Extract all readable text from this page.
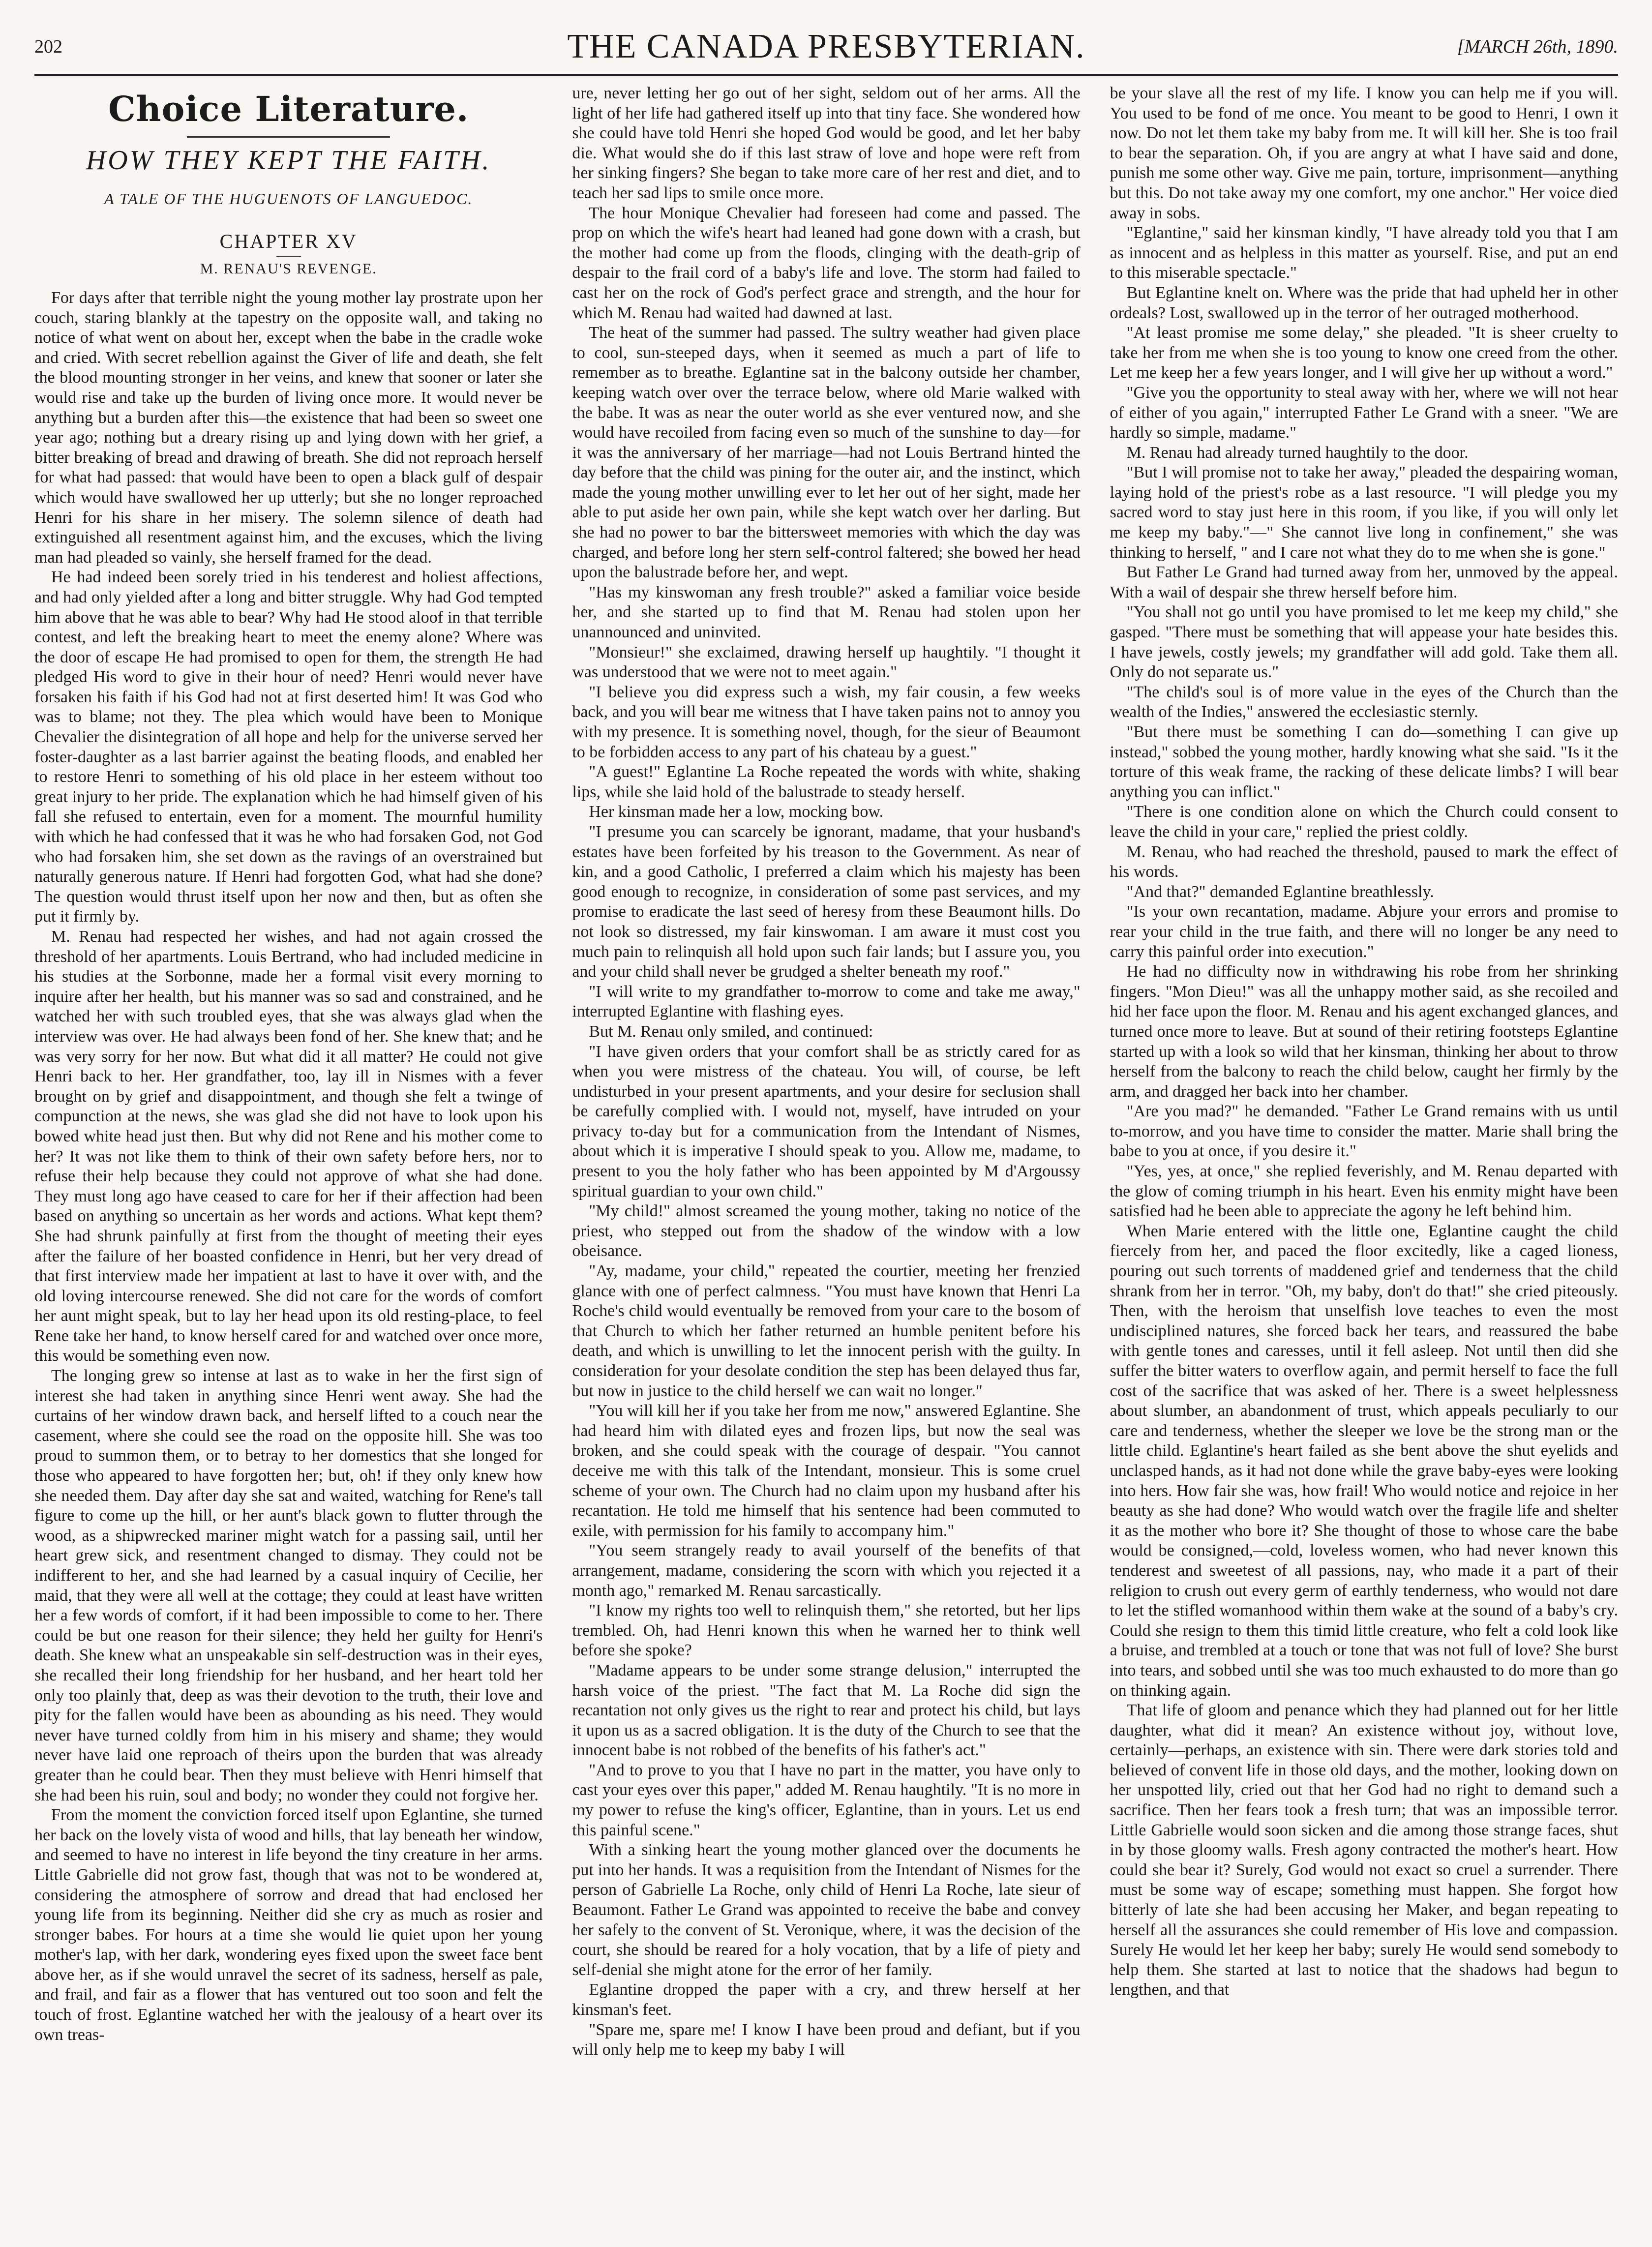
202	THE CANADA PRESBYTERIAN.	[MARCH 26th, 1890.
Choice Literature.
HOW THEY KEPT THE FAITH.
A TALE OF THE HUGUENOTS OF LANGUEDOC.
CHAPTER XV
M. RENAU'S REVENGE.

For days after that terrible night the young mother lay prostrate upon her couch, staring blankly at the tapestry on the opposite wall, and taking no notice of what went on about her, except when the babe in the cradle woke and cried. With secret rebellion against the Giver of life and death, she felt the blood mounting stronger in her veins, and knew that sooner or later she would rise and take up the burden of living once more. It would never be anything but a burden after this—the existence that had been so sweet one year ago; nothing but a dreary rising up and lying down with her grief, a bitter breaking of bread and drawing of breath. She did not reproach herself for what had passed: that would have been to open a black gulf of despair which would have swallowed her up utterly; but she no longer reproached Henri for his share in her misery. The solemn silence of death had extinguished all resentment against him, and the excuses, which the living man had pleaded so vainly, she herself framed for the dead.

He had indeed been sorely tried in his tenderest and holiest affections, and had only yielded after a long and bitter struggle. Why had God tempted him above that he was able to bear? Why had He stood aloof in that terrible contest, and left the breaking heart to meet the enemy alone? Where was the door of escape He had promised to open for them, the strength He had pledged His word to give in their hour of need? Henri would never have forsaken his faith if his God had not at first deserted him! It was God who was to blame; not they. The plea which would have been to Monique Chevalier the disintegration of all hope and help for the universe served her foster-daughter as a last barrier against the beating floods, and enabled her to restore Henri to something of his old place in her esteem without too great injury to her pride. The explanation which he had himself given of his fall she refused to entertain, even for a moment. The mournful humility with which he had confessed that it was he who had forsaken God, not God who had forsaken him, she set down as the ravings of an overstrained but naturally generous nature. If Henri had forgotten God, what had she done? The question would thrust itself upon her now and then, but as often she put it firmly by.

M. Renau had respected her wishes, and had not again crossed the threshold of her apartments. Louis Bertrand, who had included medicine in his studies at the Sorbonne, made her a formal visit every morning to inquire after her health, but his manner was so sad and constrained, and he watched her with such troubled eyes, that she was always glad when the interview was over. He had always been fond of her. She knew that; and he was very sorry for her now. But what did it all matter? He could not give Henri back to her. Her grandfather, too, lay ill in Nismes with a fever brought on by grief and disappointment, and though she felt a twinge of compunction at the news, she was glad she did not have to look upon his bowed white head just then. But why did not Rene and his mother come to her? It was not like them to think of their own safety before hers, nor to refuse their help because they could not approve of what she had done. They must long ago have ceased to care for her if their affection had been based on anything so uncertain as her words and actions. What kept them? She had shrunk painfully at first from the thought of meeting their eyes after the failure of her boasted confidence in Henri, but her very dread of that first interview made her impatient at last to have it over with, and the old loving intercourse renewed. She did not care for the words of comfort her aunt might speak, but to lay her head upon its old resting-place, to feel Rene take her hand, to know herself cared for and watched over once more, this would be something even now.

The longing grew so intense at last as to wake in her the first sign of interest she had taken in anything since Henri went away. She had the curtains of her window drawn back, and herself lifted to a couch near the casement, where she could see the road on the opposite hill. She was too proud to summon them, or to betray to her domestics that she longed for those who appeared to have forgotten her; but, oh! if they only knew how she needed them. Day after day she sat and waited, watching for Rene's tall figure to come up the hill, or her aunt's black gown to flutter through the wood, as a shipwrecked mariner might watch for a passing sail, until her heart grew sick, and resentment changed to dismay. They could not be indifferent to her, and she had learned by a casual inquiry of Cecilie, her maid, that they were all well at the cottage; they could at least have written her a few words of comfort, if it had been impossible to come to her. There could be but one reason for their silence; they held her guilty for Henri's death. She knew what an unspeakable sin self-destruction was in their eyes, she recalled their long friendship for her husband, and her heart told her only too plainly that, deep as was their devotion to the truth, their love and pity for the fallen would have been as abounding as his need. They would never have turned coldly from him in his misery and shame; they would never have laid one reproach of theirs upon the burden that was already greater than he could bear. Then they must believe with Henri himself that she had been his ruin, soul and body; no wonder they could not forgive her.

From the moment the conviction forced itself upon Eglantine, she turned her back on the lovely vista of wood and hills, that lay beneath her window, and seemed to have no interest in life beyond the tiny creature in her arms. Little Gabrielle did not grow fast, though that was not to be wondered at, considering the atmosphere of sorrow and dread that had enclosed her young life from its beginning. Neither did she cry as much as rosier and stronger babes. For hours at a time she would lie quiet upon her young mother's lap, with her dark, wondering eyes fixed upon the sweet face bent above her, as if she would unravel the secret of its sadness, herself as pale, and frail, and fair as a flower that has ventured out too soon and felt the touch of frost. Eglantine watched her with the jealousy of a heart over its own treas-

ure, never letting her go out of her sight, seldom out of her arms. All the light of her life had gathered itself up into that tiny face. She wondered how she could have told Henri she hoped God would be good, and let her baby die. What would she do if this last straw of love and hope were reft from her sinking fingers? She began to take more care of her rest and diet, and to teach her sad lips to smile once more.

The hour Monique Chevalier had foreseen had come and passed. The prop on which the wife's heart had leaned had gone down with a crash, but the mother had come up from the floods, clinging with the death-grip of despair to the frail cord of a baby's life and love. The storm had failed to cast her on the rock of God's perfect grace and strength, and the hour for which M. Renau had waited had dawned at last.

The heat of the summer had passed. The sultry weather had given place to cool, sun-steeped days, when it seemed as much a part of life to remember as to breathe. Eglantine sat in the balcony outside her chamber, keeping watch over over the terrace below, where old Marie walked with the babe. It was as near the outer world as she ever ventured now, and she would have recoiled from facing even so much of the sunshine to day—for it was the anniversary of her marriage—had not Louis Bertrand hinted the day before that the child was pining for the outer air, and the instinct, which made the young mother unwilling ever to let her out of her sight, made her able to put aside her own pain, while she kept watch over her darling. But she had no power to bar the bittersweet memories with which the day was charged, and before long her stern self-control faltered; she bowed her head upon the balustrade before her, and wept.

"Has my kinswoman any fresh trouble?" asked a familiar voice beside her, and she started up to find that M. Renau had stolen upon her unannounced and uninvited.

"Monsieur!" she exclaimed, drawing herself up haughtily. "I thought it was understood that we were not to meet again."

"I believe you did express such a wish, my fair cousin, a few weeks back, and you will bear me witness that I have taken pains not to annoy you with my presence. It is something novel, though, for the sieur of Beaumont to be forbidden access to any part of his chateau by a guest."

"A guest!" Eglantine La Roche repeated the words with white, shaking lips, while she laid hold of the balustrade to steady herself.

Her kinsman made her a low, mocking bow.

"I presume you can scarcely be ignorant, madame, that your husband's estates have been forfeited by his treason to the Government. As near of kin, and a good Catholic, I preferred a claim which his majesty has been good enough to recognize, in consideration of some past services, and my promise to eradicate the last seed of heresy from these Beaumont hills. Do not look so distressed, my fair kinswoman. I am aware it must cost you much pain to relinquish all hold upon such fair lands; but I assure you, you and your child shall never be grudged a shelter beneath my roof."

"I will write to my grandfather to-morrow to come and take me away," interrupted Eglantine with flashing eyes.

But M. Renau only smiled, and continued:

"I have given orders that your comfort shall be as strictly cared for as when you were mistress of the chateau. You will, of course, be left undisturbed in your present apartments, and your desire for seclusion shall be carefully complied with. I would not, myself, have intruded on your privacy to-day but for a communication from the Intendant of Nismes, about which it is imperative I should speak to you. Allow me, madame, to present to you the holy father who has been appointed by M d'Argoussy spiritual guardian to your own child."

"My child!" almost screamed the young mother, taking no notice of the priest, who stepped out from the shadow of the window with a low obeisance.

"Ay, madame, your child," repeated the courtier, meeting her frenzied glance with one of perfect calmness. "You must have known that Henri La Roche's child would eventually be removed from your care to the bosom of that Church to which her father returned an humble penitent before his death, and which is unwilling to let the innocent perish with the guilty. In consideration for your desolate condition the step has been delayed thus far, but now in justice to the child herself we can wait no longer."

"You will kill her if you take her from me now," answered Eglantine. She had heard him with dilated eyes and frozen lips, but now the seal was broken, and she could speak with the courage of despair. "You cannot deceive me with this talk of the Intendant, monsieur. This is some cruel scheme of your own. The Church had no claim upon my husband after his recantation. He told me himself that his sentence had been commuted to exile, with permission for his family to accompany him."

"You seem strangely ready to avail yourself of the benefits of that arrangement, madame, considering the scorn with which you rejected it a month ago," remarked M. Renau sarcastically.

"I know my rights too well to relinquish them," she retorted, but her lips trembled. Oh, had Henri known this when he warned her to think well before she spoke?

"Madame appears to be under some strange delusion," interrupted the harsh voice of the priest. "The fact that M. La Roche did sign the recantation not only gives us the right to rear and protect his child, but lays it upon us as a sacred obligation. It is the duty of the Church to see that the innocent babe is not robbed of the benefits of his father's act."

"And to prove to you that I have no part in the matter, you have only to cast your eyes over this paper," added M. Renau haughtily. "It is no more in my power to refuse the king's officer, Eglantine, than in yours. Let us end this painful scene."

With a sinking heart the young mother glanced over the documents he put into her hands. It was a requisition from the Intendant of Nismes for the person of Gabrielle La Roche, only child of Henri La Roche, late sieur of Beaumont. Father Le Grand was appointed to receive the babe and convey her safely to the convent of St. Veronique, where, it was the decision of the court, she should be reared for a holy vocation, that by a life of piety and self-denial she might atone for the error of her family.

Eglantine dropped the paper with a cry, and threw herself at her kinsman's feet.

"Spare me, spare me! I know I have been proud and defiant, but if you will only help me to keep my baby I will

be your slave all the rest of my life. I know you can help me if you will. You used to be fond of me once. You meant to be good to Henri, I own it now. Do not let them take my baby from me. It will kill her. She is too frail to bear the separation. Oh, if you are angry at what I have said and done, punish me some other way. Give me pain, torture, imprisonment—anything but this. Do not take away my one comfort, my one anchor." Her voice died away in sobs.

"Eglantine," said her kinsman kindly, "I have already told you that I am as innocent and as helpless in this matter as yourself. Rise, and put an end to this miserable spectacle."

But Eglantine knelt on. Where was the pride that had upheld her in other ordeals? Lost, swallowed up in the terror of her outraged motherhood.

"At least promise me some delay," she pleaded. "It is sheer cruelty to take her from me when she is too young to know one creed from the other. Let me keep her a few years longer, and I will give her up without a word."

"Give you the opportunity to steal away with her, where we will not hear of either of you again," interrupted Father Le Grand with a sneer. "We are hardly so simple, madame."

M. Renau had already turned haughtily to the door.

"But I will promise not to take her away," pleaded the despairing woman, laying hold of the priest's robe as a last resource. "I will pledge you my sacred word to stay just here in this room, if you like, if you will only let me keep my baby."—" She cannot live long in confinement," she was thinking to herself, " and I care not what they do to me when she is gone."

But Father Le Grand had turned away from her, unmoved by the appeal. With a wail of despair she threw herself before him.

"You shall not go until you have promised to let me keep my child," she gasped. "There must be something that will appease your hate besides this. I have jewels, costly jewels; my grandfather will add gold. Take them all. Only do not separate us."

"The child's soul is of more value in the eyes of the Church than the wealth of the Indies," answered the ecclesiastic sternly.

"But there must be something I can do—something I can give up instead," sobbed the young mother, hardly knowing what she said. "Is it the torture of this weak frame, the racking of these delicate limbs? I will bear anything you can inflict."

"There is one condition alone on which the Church could consent to leave the child in your care," replied the priest coldly.

M. Renau, who had reached the threshold, paused to mark the effect of his words.

"And that?" demanded Eglantine breathlessly.

"Is your own recantation, madame. Abjure your errors and promise to rear your child in the true faith, and there will no longer be any need to carry this painful order into execution."

He had no difficulty now in withdrawing his robe from her shrinking fingers. "Mon Dieu!" was all the unhappy mother said, as she recoiled and hid her face upon the floor. M. Renau and his agent exchanged glances, and turned once more to leave. But at sound of their retiring footsteps Eglantine started up with a look so wild that her kinsman, thinking her about to throw herself from the balcony to reach the child below, caught her firmly by the arm, and dragged her back into her chamber.

"Are you mad?" he demanded. "Father Le Grand remains with us until to-morrow, and you have time to consider the matter. Marie shall bring the babe to you at once, if you desire it."

"Yes, yes, at once," she replied feverishly, and M. Renau departed with the glow of coming triumph in his heart. Even his enmity might have been satisfied had he been able to appreciate the agony he left behind him.

When Marie entered with the little one, Eglantine caught the child fiercely from her, and paced the floor excitedly, like a caged lioness, pouring out such torrents of maddened grief and tenderness that the child shrank from her in terror. "Oh, my baby, don't do that!" she cried piteously. Then, with the heroism that unselfish love teaches to even the most undisciplined natures, she forced back her tears, and reassured the babe with gentle tones and caresses, until it fell asleep. Not until then did she suffer the bitter waters to overflow again, and permit herself to face the full cost of the sacrifice that was asked of her. There is a sweet helplessness about slumber, an abandonment of trust, which appeals peculiarly to our care and tenderness, whether the sleeper we love be the strong man or the little child. Eglantine's heart failed as she bent above the shut eyelids and unclasped hands, as it had not done while the grave baby-eyes were looking into hers. How fair she was, how frail! Who would notice and rejoice in her beauty as she had done? Who would watch over the fragile life and shelter it as the mother who bore it? She thought of those to whose care the babe would be consigned,—cold, loveless women, who had never known this tenderest and sweetest of all passions, nay, who made it a part of their religion to crush out every germ of earthly tenderness, who would not dare to let the stifled womanhood within them wake at the sound of a baby's cry. Could she resign to them this timid little creature, who felt a cold look like a bruise, and trembled at a touch or tone that was not full of love? She burst into tears, and sobbed until she was too much exhausted to do more than go on thinking again.

That life of gloom and penance which they had planned out for her little daughter, what did it mean? An existence without joy, without love, certainly—perhaps, an existence with sin. There were dark stories told and believed of convent life in those old days, and the mother, looking down on her unspotted lily, cried out that her God had no right to demand such a sacrifice. Then her fears took a fresh turn; that was an impossible terror. Little Gabrielle would soon sicken and die among those strange faces, shut in by those gloomy walls. Fresh agony contracted the mother's heart. How could she bear it? Surely, God would not exact so cruel a surrender. There must be some way of escape; something must happen. She forgot how bitterly of late she had been accusing her Maker, and began repeating to herself all the assurances she could remember of His love and compassion. Surely He would let her keep her baby; surely He would send somebody to help them. She started at last to notice that the shadows had begun to lengthen, and that
